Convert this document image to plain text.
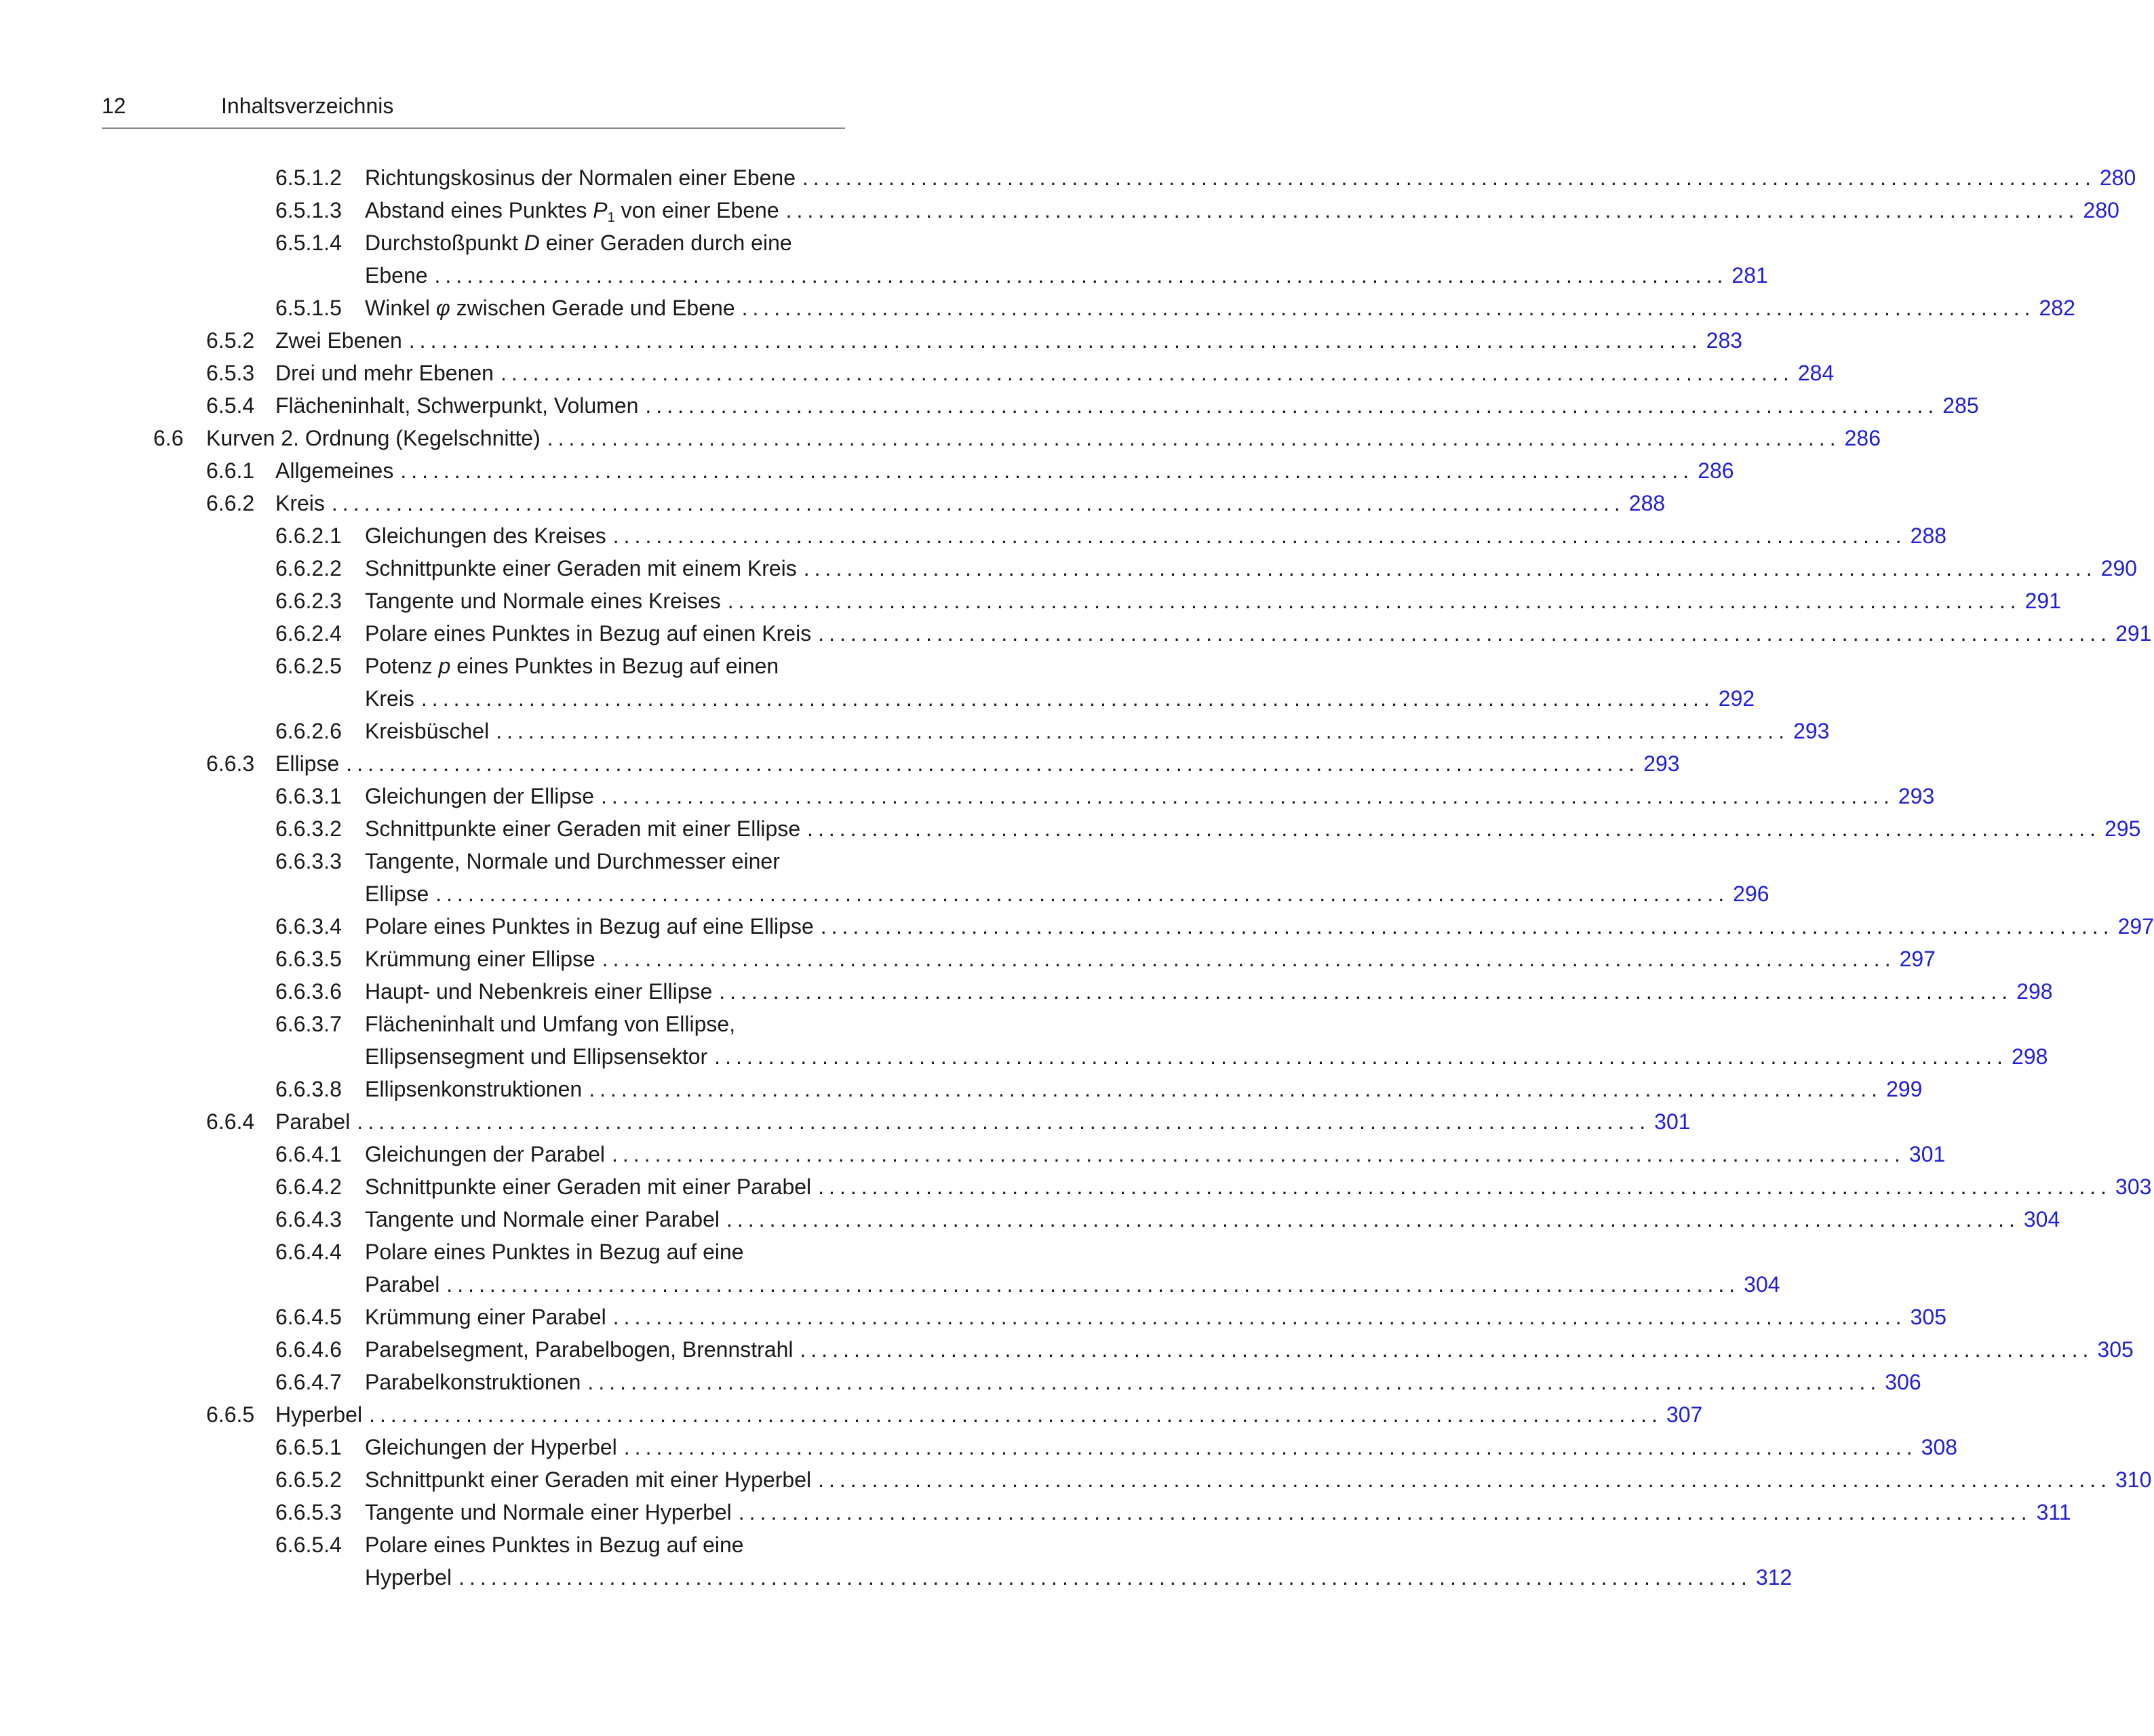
12	Inhaltsverzeichnis
6.5.1.2 Richtungskosinus der Normalen einer Ebene ........................................................................................................................ 280
6.5.1.3 Abstand eines Punktes $P_1$ von einer Ebene ........................................................................................................................ 280
6.5.1.4 Durchstoßpunkt D einer Geraden durch eine
Ebene ........................................................................................................................ 281
6.5.1.5 Winkel φ zwischen Gerade und Ebene ........................................................................................................................ 282
6.5.2 Zwei Ebenen ........................................................................................................................ 283
6.5.3 Drei und mehr Ebenen ........................................................................................................................ 284
6.5.4 Flächeninhalt, Schwerpunkt, Volumen ........................................................................................................................ 285
6.6 Kurven 2. Ordnung (Kegelschnitte) ........................................................................................................................ 286
6.6.1 Allgemeines ........................................................................................................................ 286
6.6.2 Kreis ........................................................................................................................ 288
6.6.2.1 Gleichungen des Kreises ........................................................................................................................ 288
6.6.2.2 Schnittpunkte einer Geraden mit einem Kreis ........................................................................................................................ 290
6.6.2.3 Tangente und Normale eines Kreises ........................................................................................................................ 291
6.6.2.4 Polare eines Punktes in Bezug auf einen Kreis ........................................................................................................................ 291
6.6.2.5 Potenz p eines Punktes in Bezug auf einen
Kreis ........................................................................................................................ 292
6.6.2.6 Kreisbüschel ........................................................................................................................ 293
6.6.3 Ellipse ........................................................................................................................ 293
6.6.3.1 Gleichungen der Ellipse ........................................................................................................................ 293
6.6.3.2 Schnittpunkte einer Geraden mit einer Ellipse ........................................................................................................................ 295
6.6.3.3 Tangente, Normale und Durchmesser einer
Ellipse ........................................................................................................................ 296
6.6.3.4 Polare eines Punktes in Bezug auf eine Ellipse ........................................................................................................................ 297
6.6.3.5 Krümmung einer Ellipse ........................................................................................................................ 297
6.6.3.6 Haupt- und Nebenkreis einer Ellipse ........................................................................................................................ 298
6.6.3.7 Flächeninhalt und Umfang von Ellipse,
Ellipsensegment und Ellipsensektor ........................................................................................................................ 298
6.6.3.8 Ellipsenkonstruktionen ........................................................................................................................ 299
6.6.4 Parabel ........................................................................................................................ 301
6.6.4.1 Gleichungen der Parabel ........................................................................................................................ 301
6.6.4.2 Schnittpunkte einer Geraden mit einer Parabel ........................................................................................................................ 303
6.6.4.3 Tangente und Normale einer Parabel ........................................................................................................................ 304
6.6.4.4 Polare eines Punktes in Bezug auf eine
Parabel ........................................................................................................................ 304
6.6.4.5 Krümmung einer Parabel ........................................................................................................................ 305
6.6.4.6 Parabelsegment, Parabelbogen, Brennstrahl ........................................................................................................................ 305
6.6.4.7 Parabelkonstruktionen ........................................................................................................................ 306
6.6.5 Hyperbel ........................................................................................................................ 307
6.6.5.1 Gleichungen der Hyperbel ........................................................................................................................ 308
6.6.5.2 Schnittpunkt einer Geraden mit einer Hyperbel ........................................................................................................................ 310
6.6.5.3 Tangente und Normale einer Hyperbel ........................................................................................................................ 311
6.6.5.4 Polare eines Punktes in Bezug auf eine
Hyperbel ........................................................................................................................ 312
